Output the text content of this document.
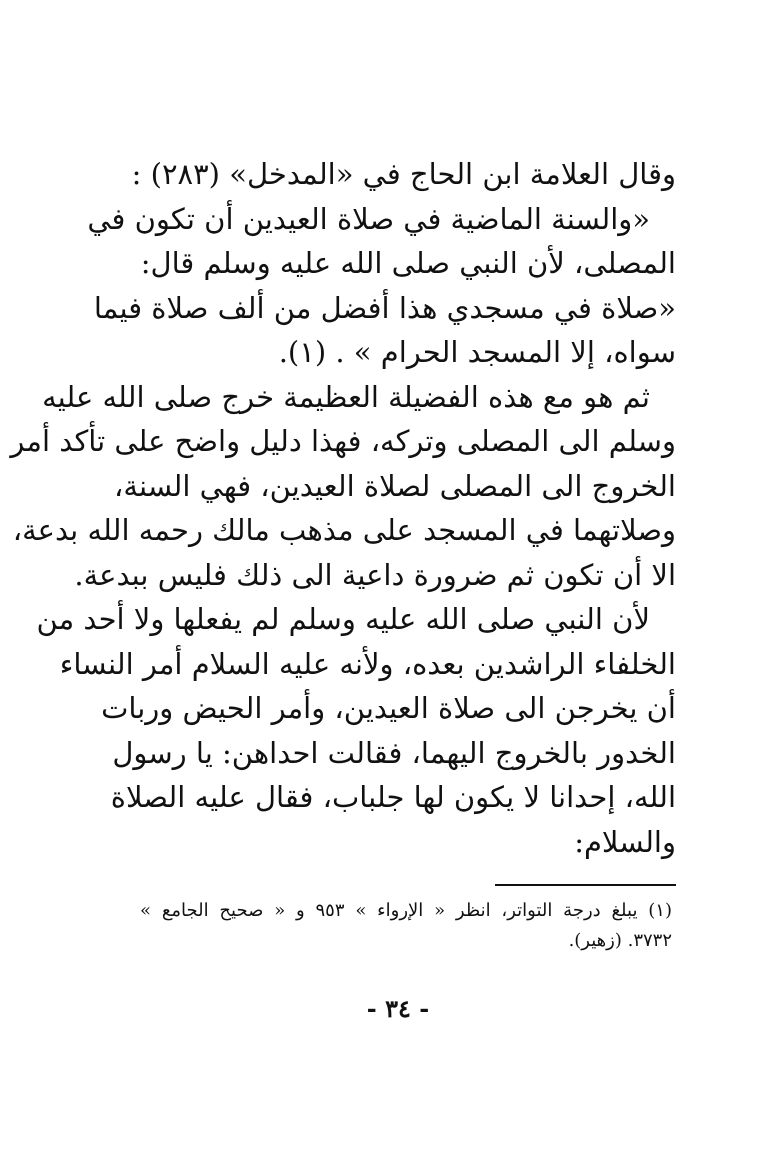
وقال العلامة ابن الحاج في «المدخل» (٢٨٣) :
«والسنة الماضية في صلاة العيدين أن تكون في
المصلى، لأن النبي صلى الله عليه وسلم قال:
«صلاة في مسجدي هذا أفضل من ألف صلاة فيما
سواه، إلا المسجد الحرام » . (١).
ثم هو مع هذه الفضيلة العظيمة خرج صلى الله عليه
وسلم الى المصلى وتركه، فهذا دليل واضح على تأكد أمر
الخروج الى المصلى لصلاة العيدين، فهي السنة،
وصلاتهما في المسجد على مذهب مالك رحمه الله بدعة،
الا أن تكون ثم ضرورة داعية الى ذلك فليس ببدعة.
لأن النبي صلى الله عليه وسلم لم يفعلها ولا أحد من
الخلفاء الراشدين بعده، ولأنه عليه السلام أمر النساء
أن يخرجن الى صلاة العيدين، وأمر الحيض وربات
الخدور بالخروج اليهما، فقالت احداهن: يا رسول
الله، إحدانا لا يكون لها جلباب، فقال عليه الصلاة
والسلام:
(١) يبلغ درجة التواتر، انظر « الإرواء » ٩٥٣ و « صحيح الجامع »
٣٧٣٢. (زهير).
- ٣٤ -
